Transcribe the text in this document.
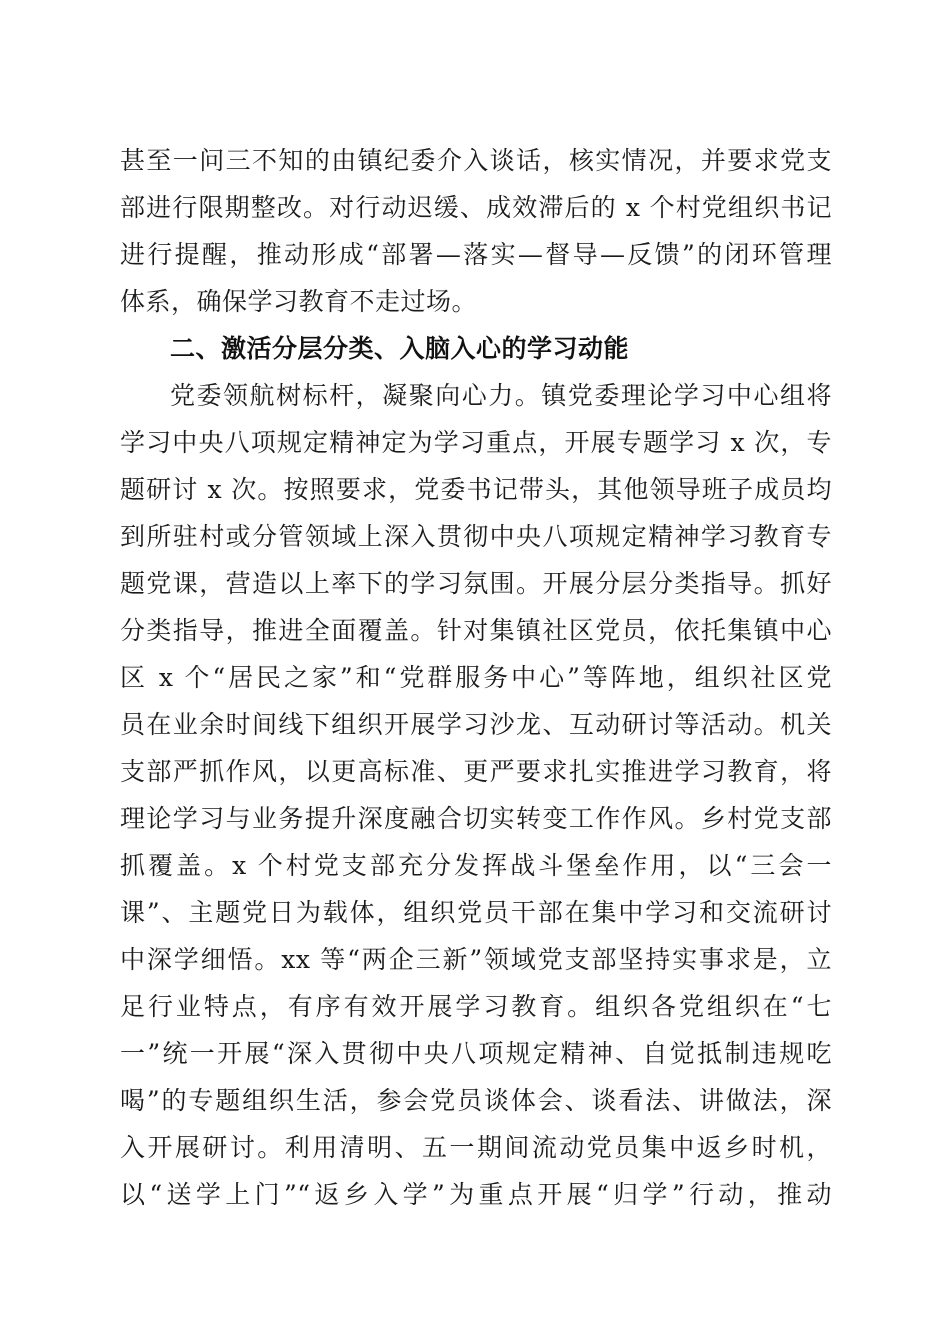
甚至一问三不知的由镇纪委介入谈话，核实情况，并要求党支
部进行限期整改。对行动迟缓、成效滞后的 x 个村党组织书记
进行提醒，推动形成“部署—落实—督导—反馈”的闭环管理
体系，确保学习教育不走过场。
二、激活分层分类、入脑入心的学习动能
党委领航树标杆，凝聚向心力。镇党委理论学习中心组将
学习中央八项规定精神定为学习重点，开展专题学习 x 次，专
题研讨 x 次。按照要求，党委书记带头，其他领导班子成员均
到所驻村或分管领域上深入贯彻中央八项规定精神学习教育专
题党课，营造以上率下的学习氛围。开展分层分类指导。抓好
分类指导，推进全面覆盖。针对集镇社区党员，依托集镇中心
区 x 个“居民之家”和“党群服务中心”等阵地，组织社区党
员在业余时间线下组织开展学习沙龙、互动研讨等活动。机关
支部严抓作风，以更高标准、更严要求扎实推进学习教育，将
理论学习与业务提升深度融合切实转变工作作风。乡村党支部
抓覆盖。x 个村党支部充分发挥战斗堡垒作用，以“三会一
课”、主题党日为载体，组织党员干部在集中学习和交流研讨
中深学细悟。xx 等“两企三新”领域党支部坚持实事求是，立
足行业特点，有序有效开展学习教育。组织各党组织在“七
一”统一开展“深入贯彻中央八项规定精神、自觉抵制违规吃
喝”的专题组织生活，参会党员谈体会、谈看法、讲做法，深
入开展研讨。利用清明、五一期间流动党员集中返乡时机，
以“送学上门”“返乡入学”为重点开展“归学”行动，推动
